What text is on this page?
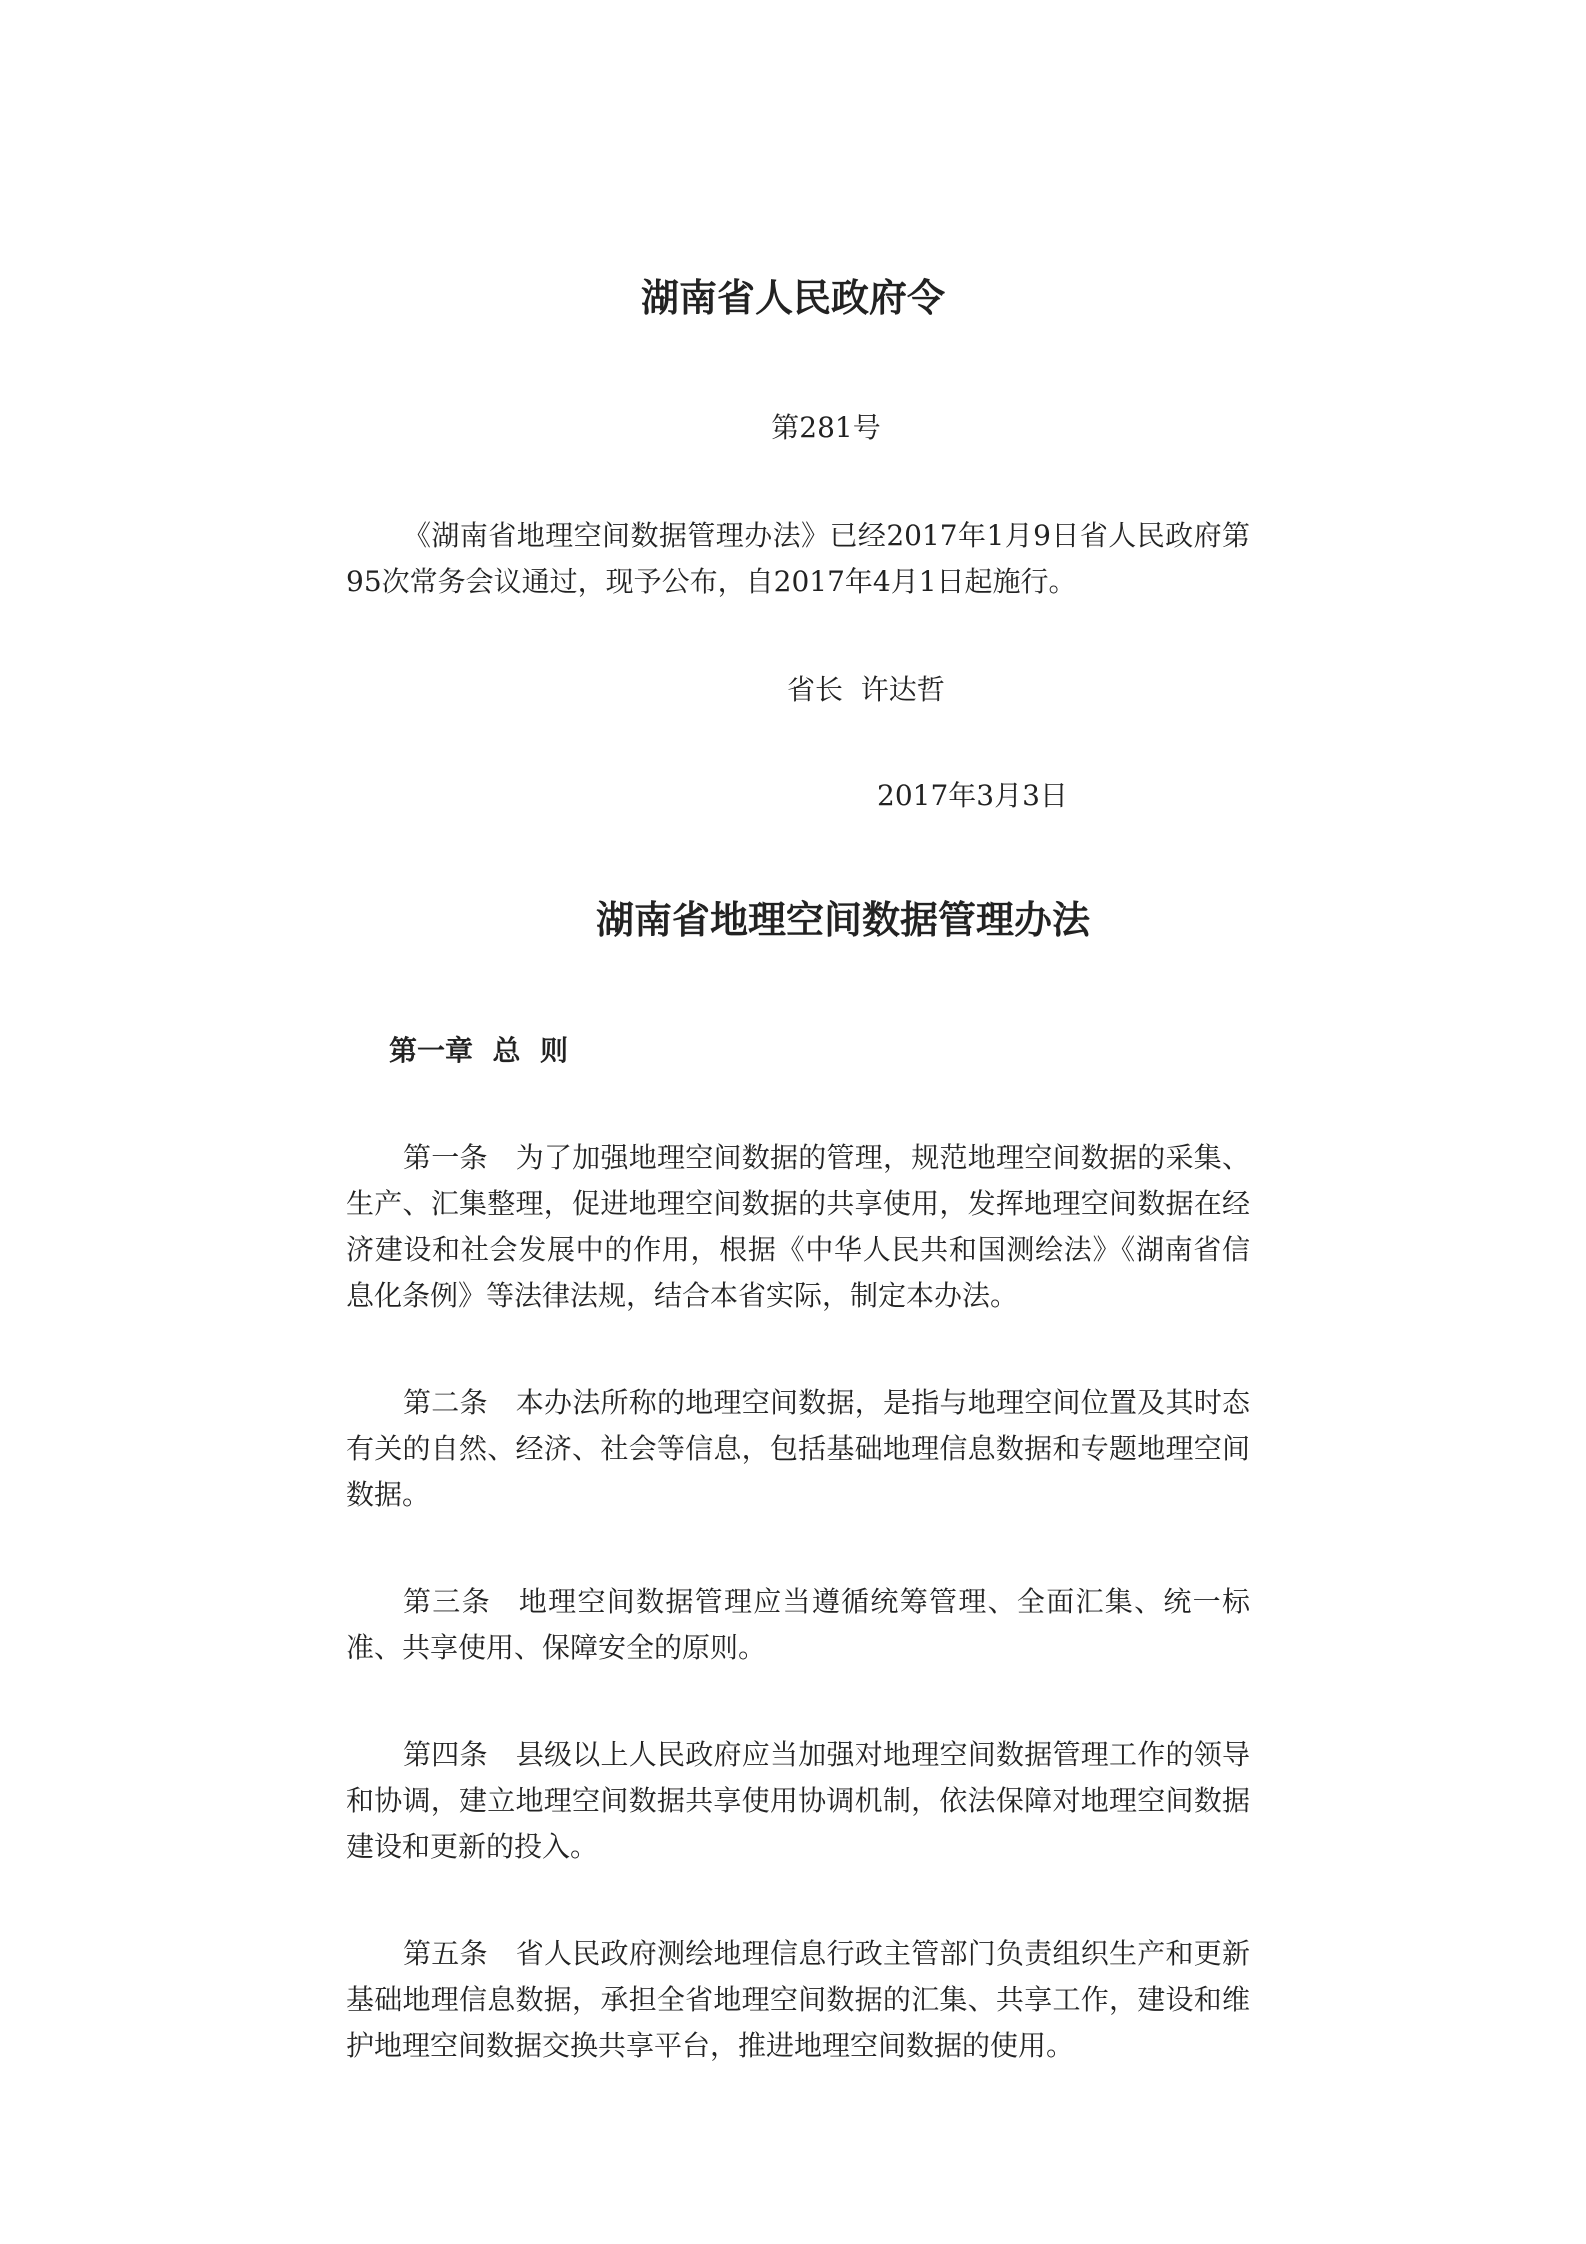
湖南省人民政府令
第281号
《湖南省地理空间数据管理办法》已经2017年1月9日省人民政府第95次常务会议通过，现予公布，自2017年4月1日起施行。
省长  许达哲
2017年3月3日
湖南省地理空间数据管理办法
第一章  总  则
第一条 为了加强地理空间数据的管理，规范地理空间数据的采集、生产、汇集整理，促进地理空间数据的共享使用，发挥地理空间数据在经济建设和社会发展中的作用，根据《中华人民共和国测绘法》《湖南省信息化条例》等法律法规，结合本省实际，制定本办法。
第二条 本办法所称的地理空间数据，是指与地理空间位置及其时态有关的自然、经济、社会等信息，包括基础地理信息数据和专题地理空间数据。
第三条 地理空间数据管理应当遵循统筹管理、全面汇集、统一标准、共享使用、保障安全的原则。
第四条 县级以上人民政府应当加强对地理空间数据管理工作的领导和协调，建立地理空间数据共享使用协调机制，依法保障对地理空间数据建设和更新的投入。
第五条 省人民政府测绘地理信息行政主管部门负责组织生产和更新基础地理信息数据，承担全省地理空间数据的汇集、共享工作，建设和维护地理空间数据交换共享平台，推进地理空间数据的使用。
